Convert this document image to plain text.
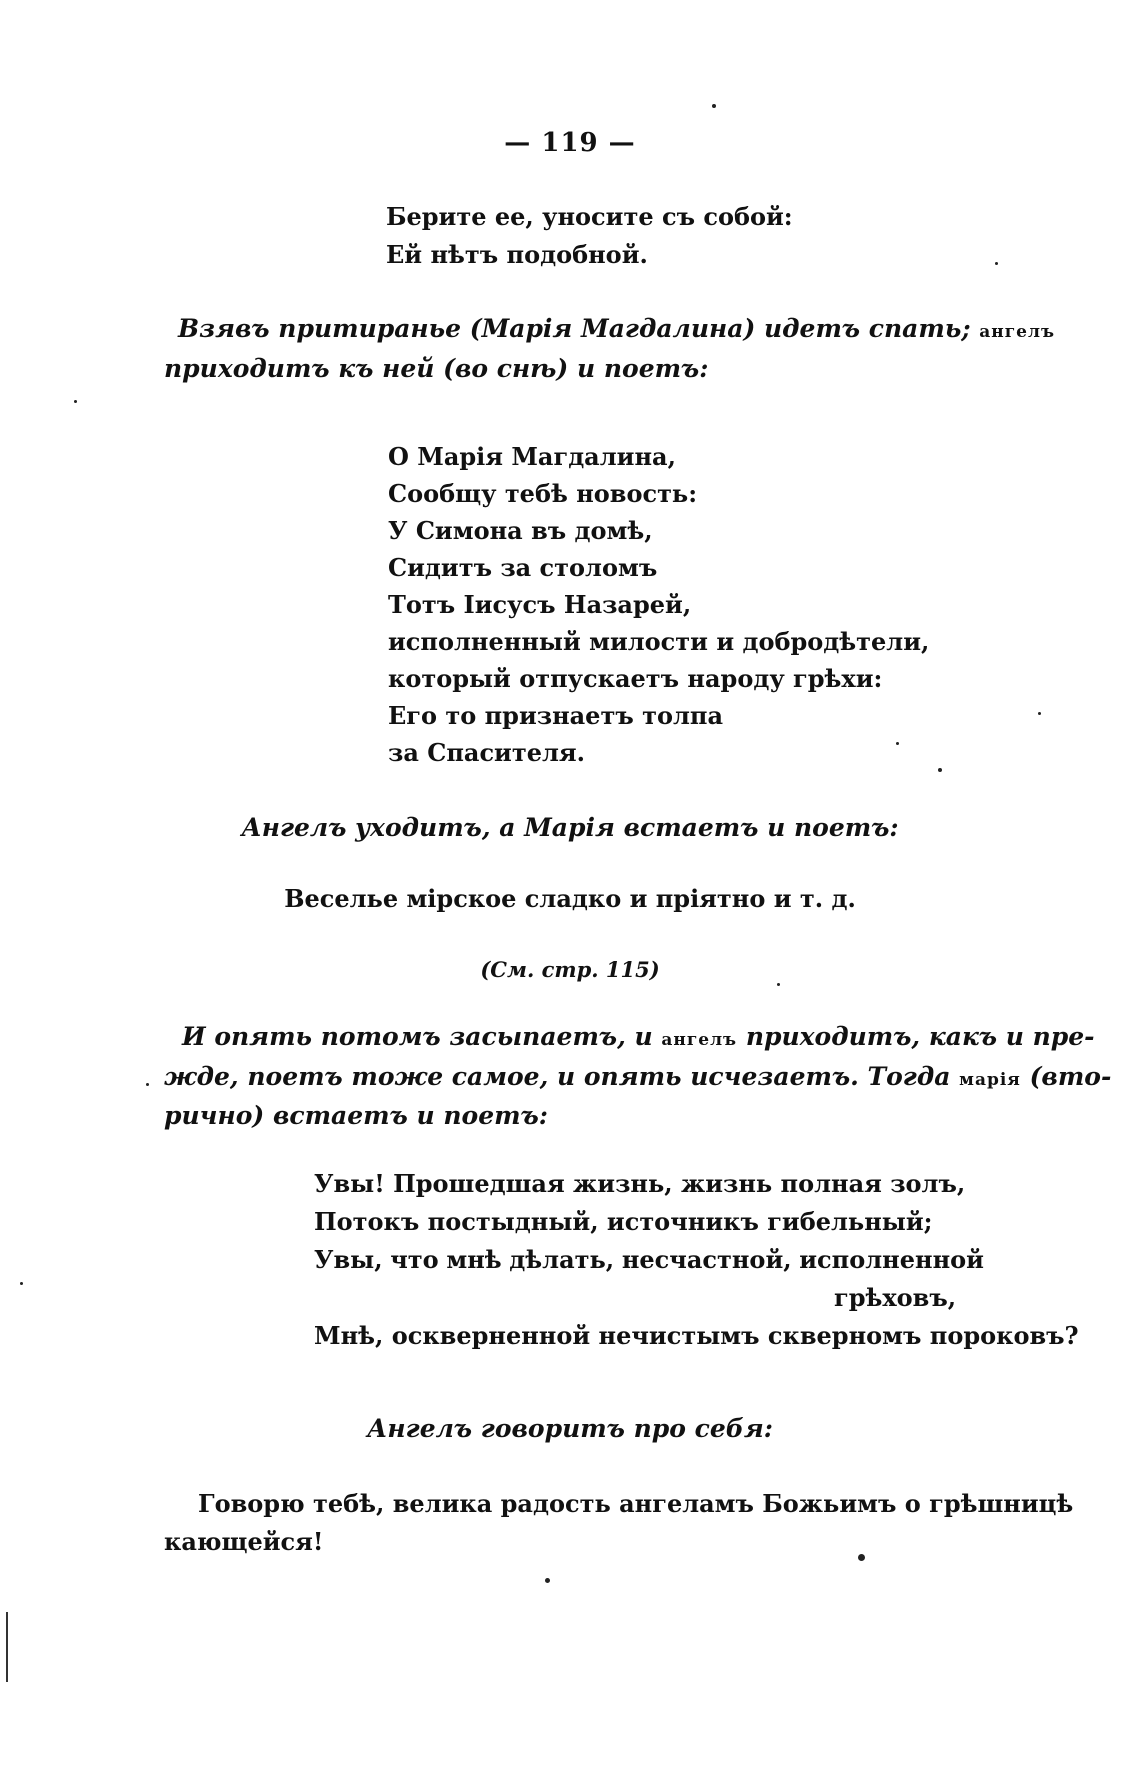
— 119 —
Берите ее, уносите съ собой:
Ей нѣтъ подобной.
Взявъ притиранье (Марія Магдалина) идетъ спать; ангелъ
приходитъ къ ней (во снѣ) и поетъ:
О Марія Магдалина,
Сообщу тебѣ новость:
У Симона въ домѣ,
Сидитъ за столомъ
Тотъ Іисусъ Назарей,
исполненный милости и добродѣтели,
который отпускаетъ народу грѣхи:
Его то признаетъ толпа
за Спасителя.
Ангелъ уходитъ, а Марія встаетъ и поетъ:
Веселье мірское сладко и пріятно и т. д.
(См. стр. 115)
И опять потомъ засыпаетъ, и ангелъ приходитъ, какъ и пре-
жде, поетъ тоже самое, и опять исчезаетъ. Тогда марія (вто-
рично) встаетъ и поетъ:
Увы! Прошедшая жизнь, жизнь полная золъ,
Потокъ постыдный, источникъ гибельный;
Увы, что мнѣ дѣлать, несчастной, исполненной
грѣховъ,
Мнѣ, оскверненной нечистымъ скверномъ пороковъ?
Ангелъ говоритъ про себя:
Говорю тебѣ, велика радость ангеламъ Божьимъ о грѣшницѣ
кающейся!
